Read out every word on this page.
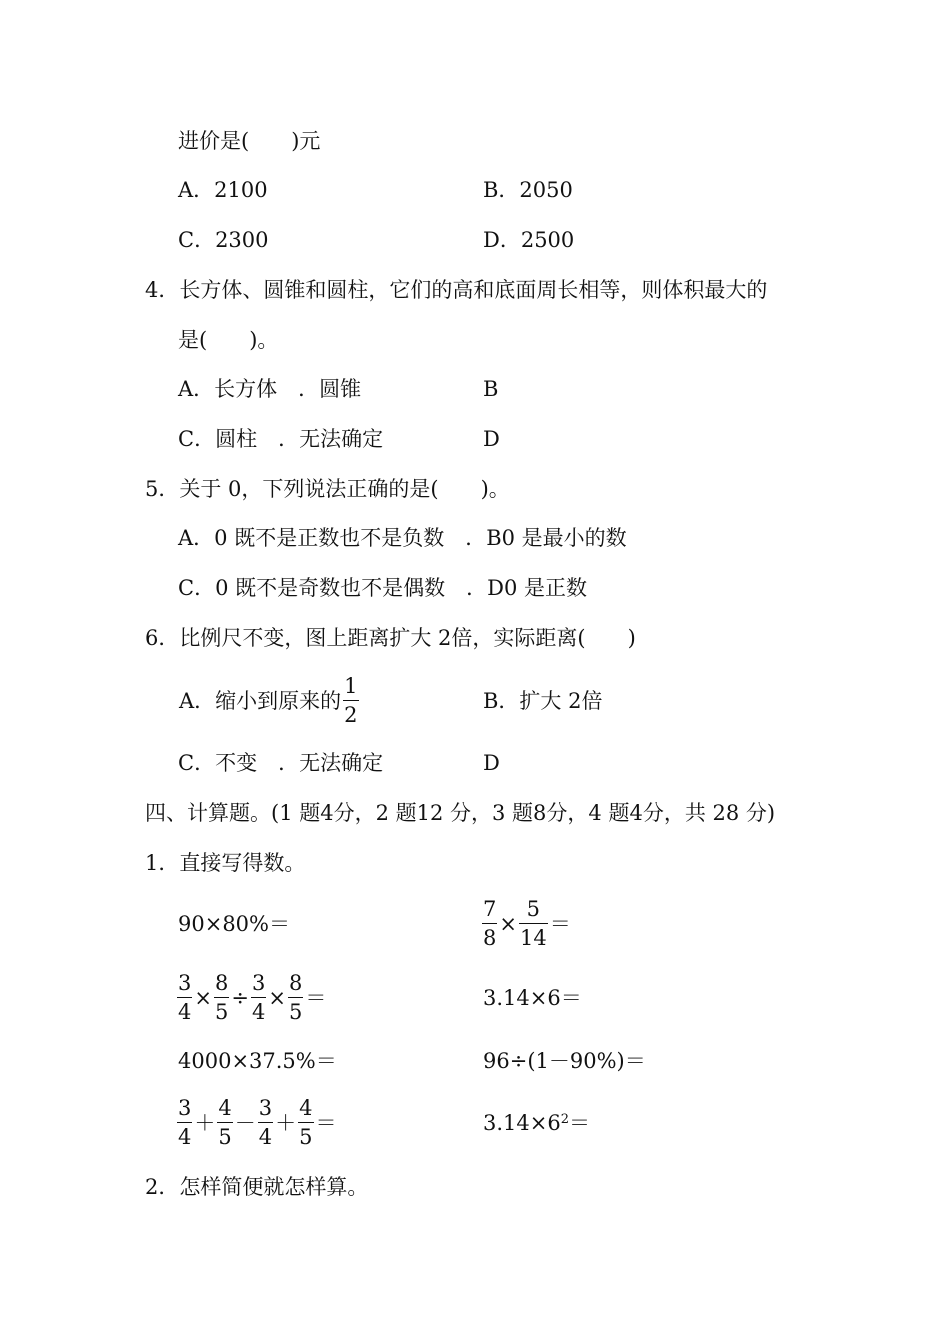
进价是(　　)元
A．2100	B．2050
C．2300	D．2500
4．长方体、圆锥和圆柱，它们的高和底面周长相等，则体积最大的
是(　　)。
A．长方体　．圆锥	B
C．圆柱　．无法确定	D
5．关于 0，下列说法正确的是(　　)。
A．0 既不是正数也不是负数　．B0 是最小的数
C．0 既不是奇数也不是偶数　．D0 是正数
6．比例尺不变，图上距离扩大 2倍，实际距离(　　)
A．缩小到原来的 $\frac{1}{2}$	B．扩大 2倍
C．不变　．无法确定	D
四、计算题。(1 题4分，2 题12 分，3 题8分，4 题4分，共 28 分)
1．直接写得数。
90×80%＝	$\frac{7}{8} \times \frac{5}{14}$ ＝
$\frac{3}{4} \times \frac{8}{5} \div \frac{3}{4} \times \frac{8}{5}$ ＝	3.14×6＝
4000×37.5%＝	96÷(1－90%)＝
$\frac{3}{4} + \frac{4}{5} - \frac{3}{4} + \frac{4}{5}$ ＝	$3.14\times 6^2=$
2．怎样简便就怎样算。
